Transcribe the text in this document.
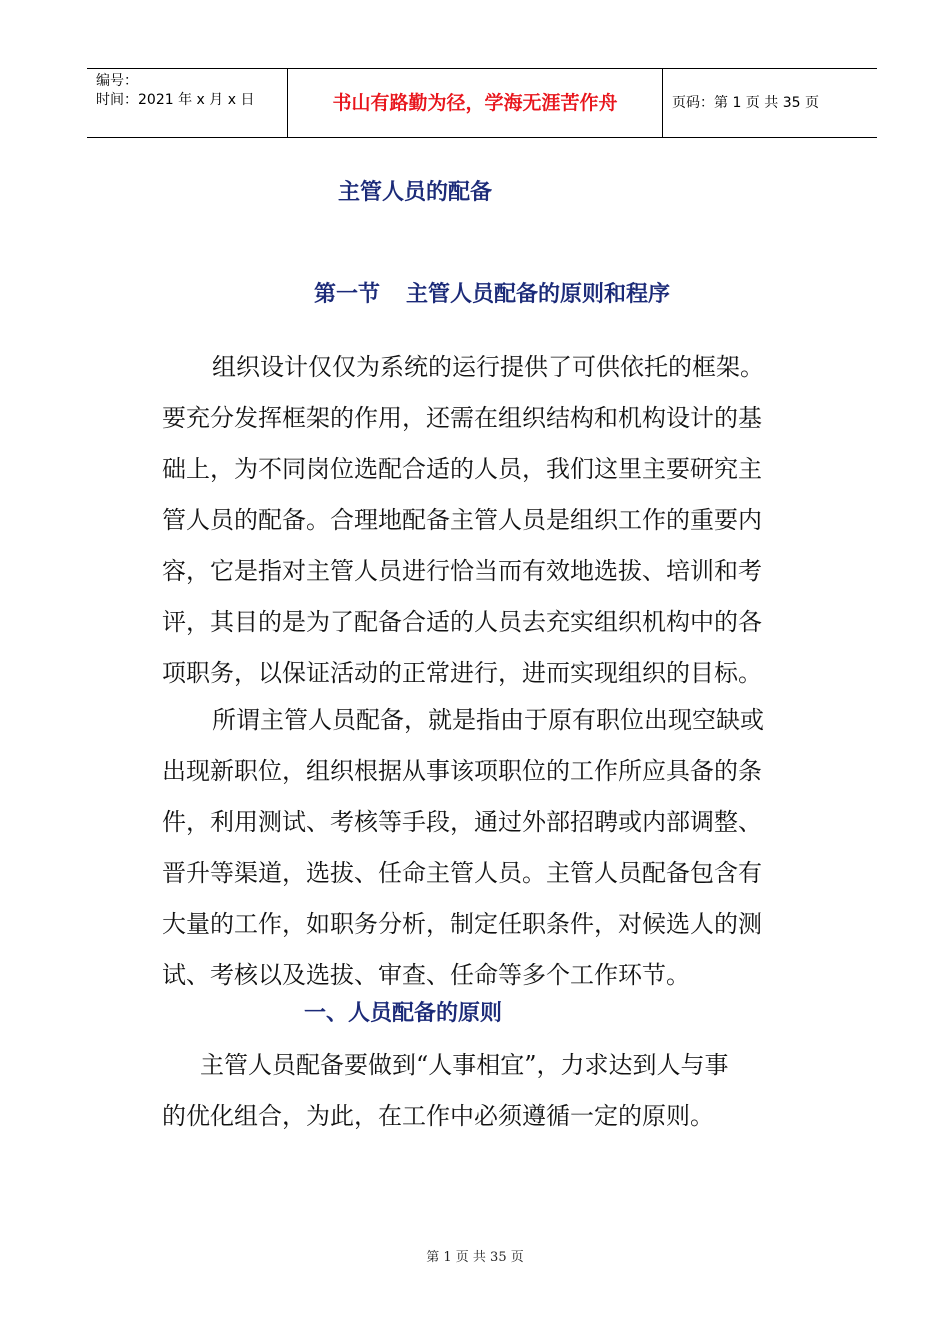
编号：
时间：2021 年 x 月 x 日	书山有路勤为径，学海无涯苦作舟	页码：第 1 页 共 35 页
主管人员的配备
第一节 主管人员配备的原则和程序
组织设计仅仅为系统的运行提供了可供依托的框架。
要充分发挥框架的作用，还需在组织结构和机构设计的基
础上，为不同岗位选配合适的人员，我们这里主要研究主
管人员的配备。合理地配备主管人员是组织工作的重要内
容，它是指对主管人员进行恰当而有效地选拔、培训和考
评，其目的是为了配备合适的人员去充实组织机构中的各
项职务，以保证活动的正常进行，进而实现组织的目标。
所谓主管人员配备，就是指由于原有职位出现空缺或
出现新职位，组织根据从事该项职位的工作所应具备的条
件，利用测试、考核等手段，通过外部招聘或内部调整、
晋升等渠道，选拔、任命主管人员。主管人员配备包含有
大量的工作，如职务分析，制定任职条件，对候选人的测
试、考核以及选拔、审查、任命等多个工作环节。
一、人员配备的原则
主管人员配备要做到“人事相宜”，力求达到人与事
的优化组合，为此，在工作中必须遵循一定的原则。
第 1 页 共 35 页
